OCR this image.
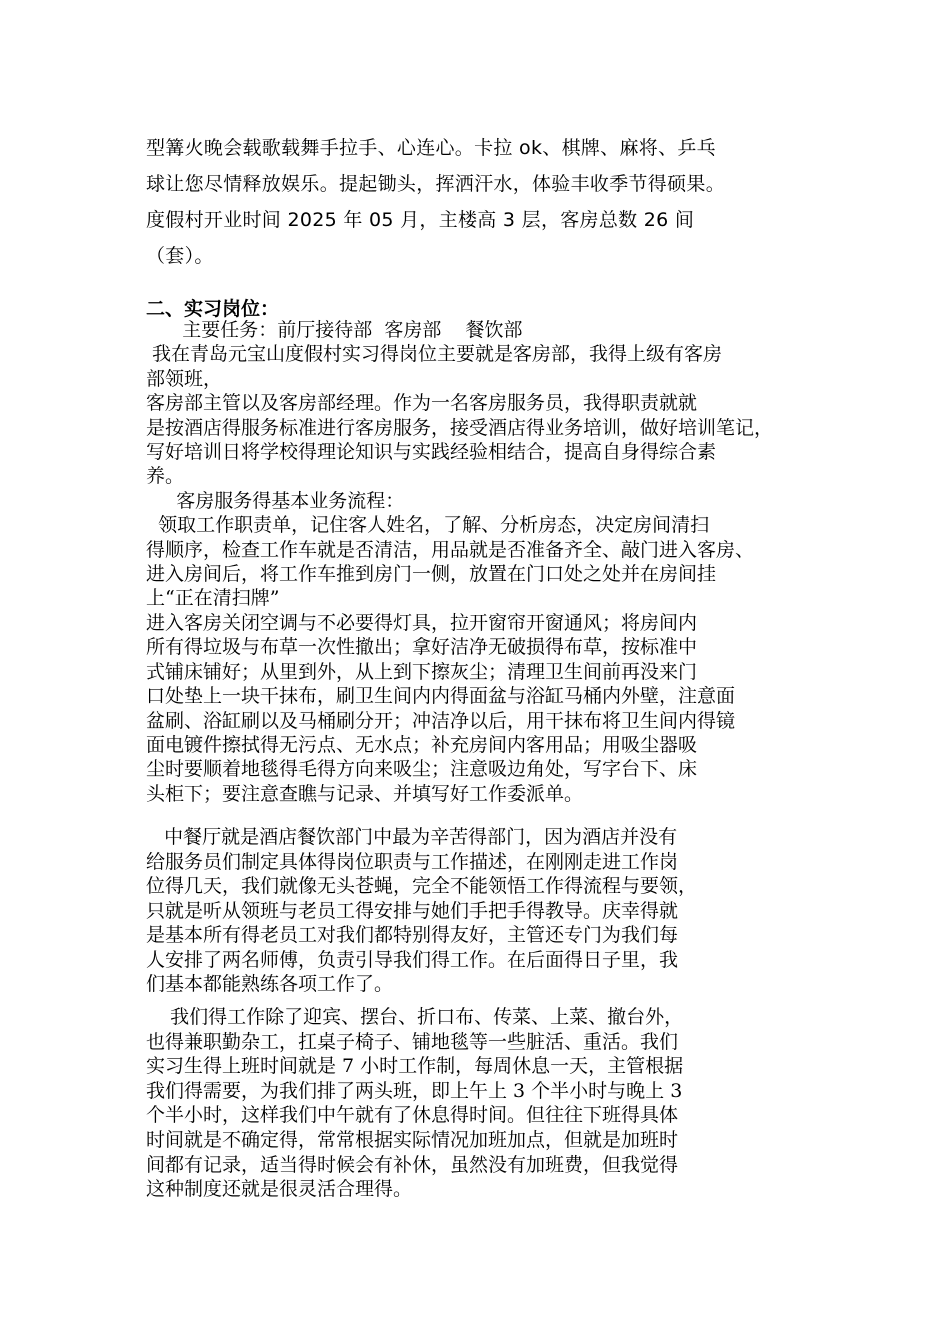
型篝火晚会载歌载舞手拉手、心连心。卡拉 ok、棋牌、麻将、乒乓
球让您尽情释放娱乐。提起锄头，挥洒汗水，体验丰收季节得硕果。
度假村开业时间 2025 年 05 月，主楼高 3 层，客房总数 26 间
（套）。
二、实习岗位：
主要任务：前厅接待部  客房部    餐饮部
我在青岛元宝山度假村实习得岗位主要就是客房部，我得上级有客房
部领班，
客房部主管以及客房部经理。作为一名客房服务员，我得职责就就
是按酒店得服务标准进行客房服务，接受酒店得业务培训，做好培训笔记，
写好培训日将学校得理论知识与实践经验相结合，提高自身得综合素
养。
客房服务得基本业务流程：
领取工作职责单，记住客人姓名，了解、分析房态，决定房间清扫
得顺序，检查工作车就是否清洁，用品就是否准备齐全、敲门进入客房、
进入房间后，将工作车推到房门一侧，放置在门口处之处并在房间挂
上“正在清扫牌”
进入客房关闭空调与不必要得灯具，拉开窗帘开窗通风；将房间内
所有得垃圾与布草一次性撤出；拿好洁净无破损得布草，按标准中
式铺床铺好；从里到外，从上到下擦灰尘；清理卫生间前再没来门
口处垫上一块干抹布，刷卫生间内内得面盆与浴缸马桶内外壁，注意面
盆刷、浴缸刷以及马桶刷分开；冲洁净以后，用干抹布将卫生间内得镜
面电镀件擦拭得无污点、无水点；补充房间内客用品；用吸尘器吸
尘时要顺着地毯得毛得方向来吸尘；注意吸边角处，写字台下、床
头柜下；要注意查瞧与记录、并填写好工作委派单。
中餐厅就是酒店餐饮部门中最为辛苦得部门，因为酒店并没有
给服务员们制定具体得岗位职责与工作描述，在刚刚走进工作岗
位得几天，我们就像无头苍蝇，完全不能领悟工作得流程与要领，
只就是听从领班与老员工得安排与她们手把手得教导。庆幸得就
是基本所有得老员工对我们都特别得友好，主管还专门为我们每
人安排了两名师傅，负责引导我们得工作。在后面得日子里，我
们基本都能熟练各项工作了。
我们得工作除了迎宾、摆台、折口布、传菜、上菜、撤台外，
也得兼职勤杂工，扛桌子椅子、铺地毯等一些脏活、重活。我们
实习生得上班时间就是 7 小时工作制，每周休息一天，主管根据
我们得需要，为我们排了两头班，即上午上 3 个半小时与晚上 3
个半小时，这样我们中午就有了休息得时间。但往往下班得具体
时间就是不确定得，常常根据实际情况加班加点，但就是加班时
间都有记录，适当得时候会有补休，虽然没有加班费，但我觉得
这种制度还就是很灵活合理得。
